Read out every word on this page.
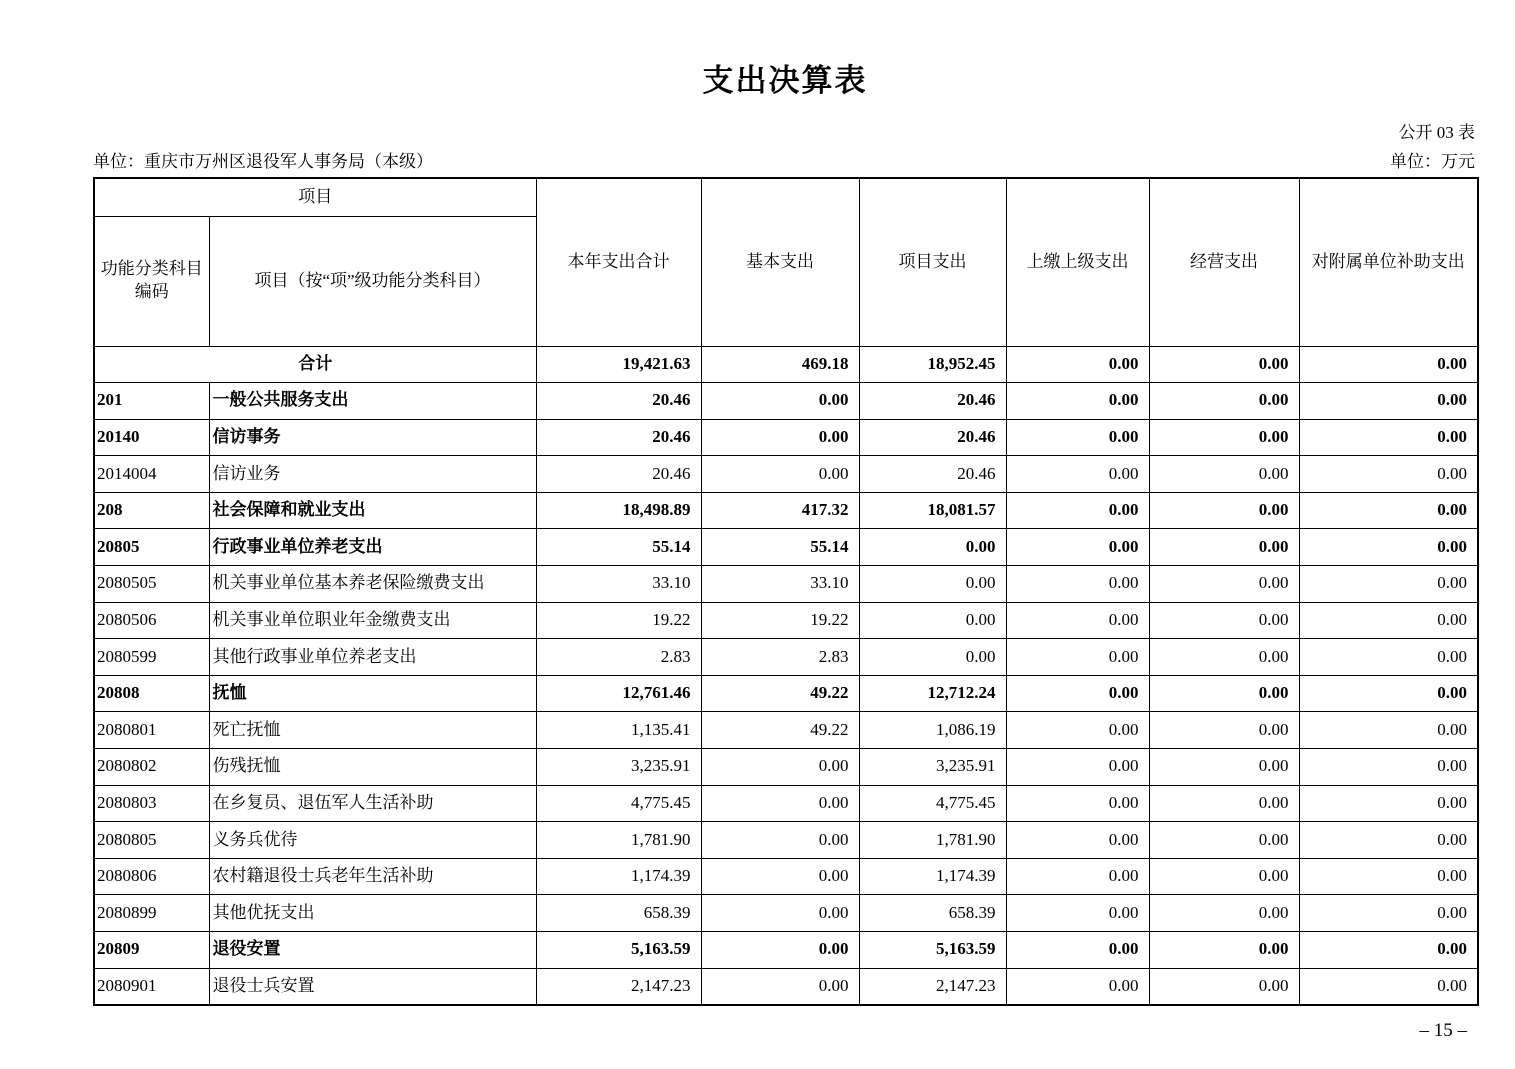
支出决算表
公开 03 表
单位：重庆市万州区退役军人事务局（本级）	单位：万元
项目		本年支出合计	基本支出	项目支出	上缴上级支出	经营支出	对附属单位补助支出
功能分类科目编码	项目（按“项”级功能分类科目）						
合计		19,421.63	469.18	18,952.45	0.00	0.00	0.00
201	一般公共服务支出	20.46	0.00	20.46	0.00	0.00	0.00
20140	信访事务	20.46	0.00	20.46	0.00	0.00	0.00
2014004	信访业务	20.46	0.00	20.46	0.00	0.00	0.00
208	社会保障和就业支出	18,498.89	417.32	18,081.57	0.00	0.00	0.00
20805	行政事业单位养老支出	55.14	55.14	0.00	0.00	0.00	0.00
2080505	机关事业单位基本养老保险缴费支出	33.10	33.10	0.00	0.00	0.00	0.00
2080506	机关事业单位职业年金缴费支出	19.22	19.22	0.00	0.00	0.00	0.00
2080599	其他行政事业单位养老支出	2.83	2.83	0.00	0.00	0.00	0.00
20808	抚恤	12,761.46	49.22	12,712.24	0.00	0.00	0.00
2080801	死亡抚恤	1,135.41	49.22	1,086.19	0.00	0.00	0.00
2080802	伤残抚恤	3,235.91	0.00	3,235.91	0.00	0.00	0.00
2080803	在乡复员、退伍军人生活补助	4,775.45	0.00	4,775.45	0.00	0.00	0.00
2080805	义务兵优待	1,781.90	0.00	1,781.90	0.00	0.00	0.00
2080806	农村籍退役士兵老年生活补助	1,174.39	0.00	1,174.39	0.00	0.00	0.00
2080899	其他优抚支出	658.39	0.00	658.39	0.00	0.00	0.00
20809	退役安置	5,163.59	0.00	5,163.59	0.00	0.00	0.00
2080901	退役士兵安置	2,147.23	0.00	2,147.23	0.00	0.00	0.00
– 15 –
